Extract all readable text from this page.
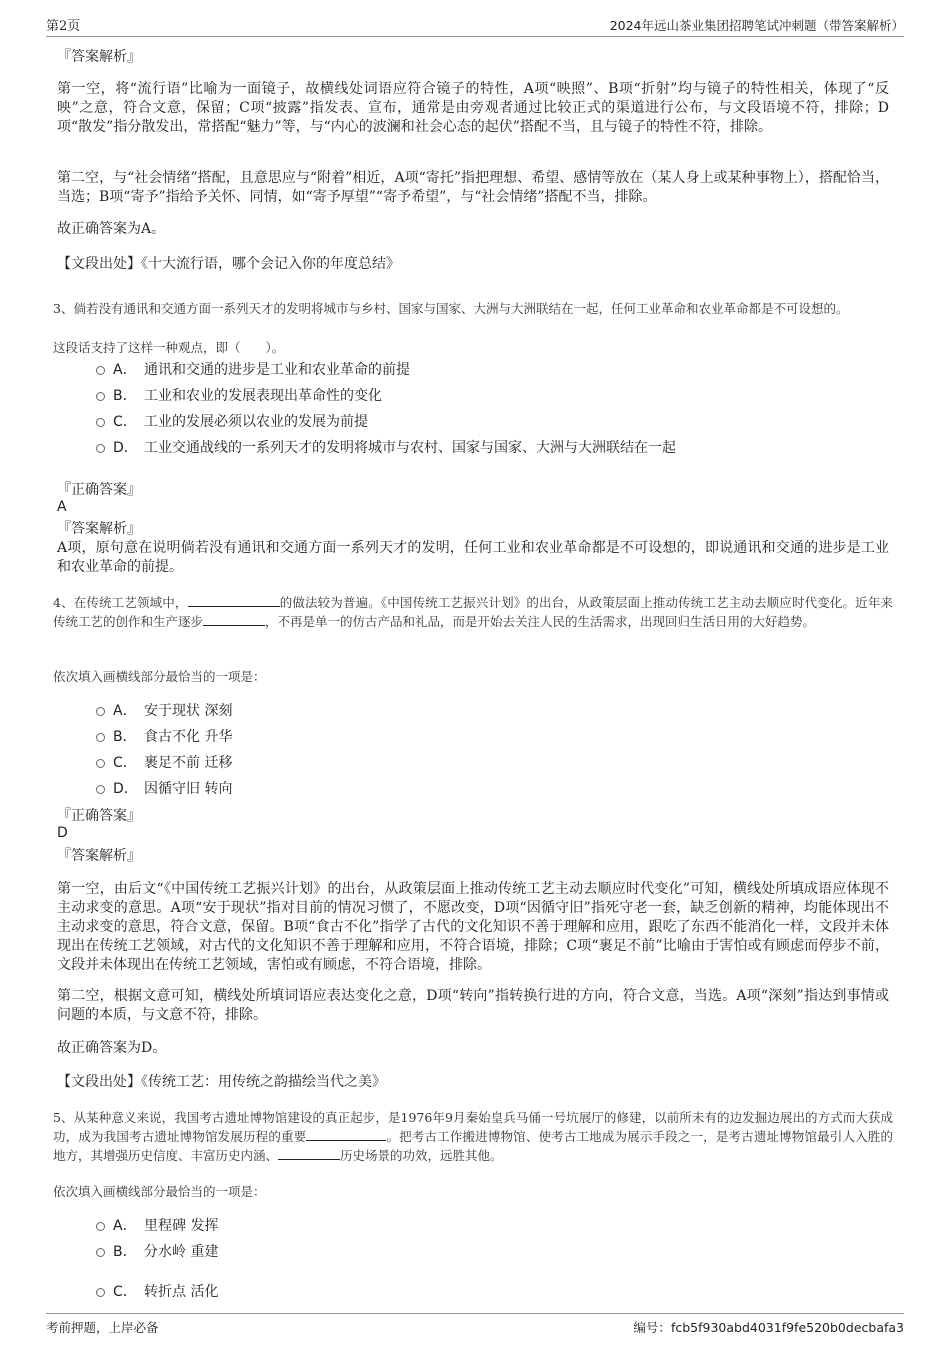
第2页	2024年远山茶业集团招聘笔试冲刺题（带答案解析）
『答案解析』
第一空，将“流行语”比喻为一面镜子，故横线处词语应符合镜子的特性，A项“映照”、B项“折射”均与镜子的特性相关，体现了“反映”之意，符合文意，保留；C项“披露”指发表、宣布，通常是由旁观者通过比较正式的渠道进行公布，与文段语境不符，排除；D项“散发”指分散发出，常搭配“魅力”等，与“内心的波澜和社会心态的起伏”搭配不当，且与镜子的特性不符，排除。
第二空，与“社会情绪”搭配，且意思应与“附着”相近，A项“寄托”指把理想、希望、感情等放在（某人身上或某种事物上），搭配恰当，当选；B项“寄予”指给予关怀、同情，如“寄予厚望”“寄予希望”，与“社会情绪”搭配不当，排除。
故正确答案为A。
【文段出处】《十大流行语，哪个会记入你的年度总结》
3、倘若没有通讯和交通方面一系列天才的发明将城市与乡村、国家与国家、大洲与大洲联结在一起，任何工业革命和农业革命都是不可设想的。
这段话支持了这样一种观点，即（　　）。
A． 通讯和交通的进步是工业和农业革命的前提
B． 工业和农业的发展表现出革命性的变化
C． 工业的发展必须以农业的发展为前提
D． 工业交通战线的一系列天才的发明将城市与农村、国家与国家、大洲与大洲联结在一起
『正确答案』
A
『答案解析』
A项，原句意在说明倘若没有通讯和交通方面一系列天才的发明，任何工业和农业革命都是不可设想的，即说通讯和交通的进步是工业和农业革命的前提。
4、在传统工艺领域中，	的做法较为普遍。《中国传统工艺振兴计划》的出台，从政策层面上推动传统工艺主动去顺应时代变化。近年来传统工艺的创作和生产逐步	，不再是单一的仿古产品和礼品，而是开始去关注人民的生活需求，出现回归生活日用的大好趋势。
依次填入画横线部分最恰当的一项是：
A． 安于现状 深刻
B． 食古不化 升华
C． 裹足不前 迁移
D． 因循守旧 转向
『正确答案』
D
『答案解析』
第一空，由后文“《中国传统工艺振兴计划》的出台，从政策层面上推动传统工艺主动去顺应时代变化”可知，横线处所填成语应体现不主动求变的意思。A项“安于现状”指对目前的情况习惯了，不愿改变，D项“因循守旧”指死守老一套，缺乏创新的精神，均能体现出不主动求变的意思，符合文意，保留。B项“食古不化”指学了古代的文化知识不善于理解和应用，跟吃了东西不能消化一样，文段并未体现出在传统工艺领域，对古代的文化知识不善于理解和应用，不符合语境，排除；C项“裹足不前”比喻由于害怕或有顾虑而停步不前，文段并未体现出在传统工艺领域，害怕或有顾虑，不符合语境，排除。
第二空，根据文意可知，横线处所填词语应表达变化之意，D项“转向”指转换行进的方向，符合文意，当选。A项“深刻”指达到事情或问题的本质，与文意不符，排除。
故正确答案为D。
【文段出处】《传统工艺：用传统之韵描绘当代之美》
5、从某种意义来说，我国考古遗址博物馆建设的真正起步，是1976年9月秦始皇兵马俑一号坑展厅的修建，以前所未有的边发掘边展出的方式而大获成功，成为我国考古遗址博物馆发展历程的重要	。把考古工作搬进博物馆、使考古工地成为展示手段之一，是考古遗址博物馆最引人入胜的地方，其增强历史信度、丰富历史内涵、	历史场景的功效，远胜其他。
依次填入画横线部分最恰当的一项是：
A． 里程碑 发挥
B． 分水岭 重建
C． 转折点 活化
考前押题，上岸必备	编号：fcb5f930abd4031f9fe520b0decbafa3
